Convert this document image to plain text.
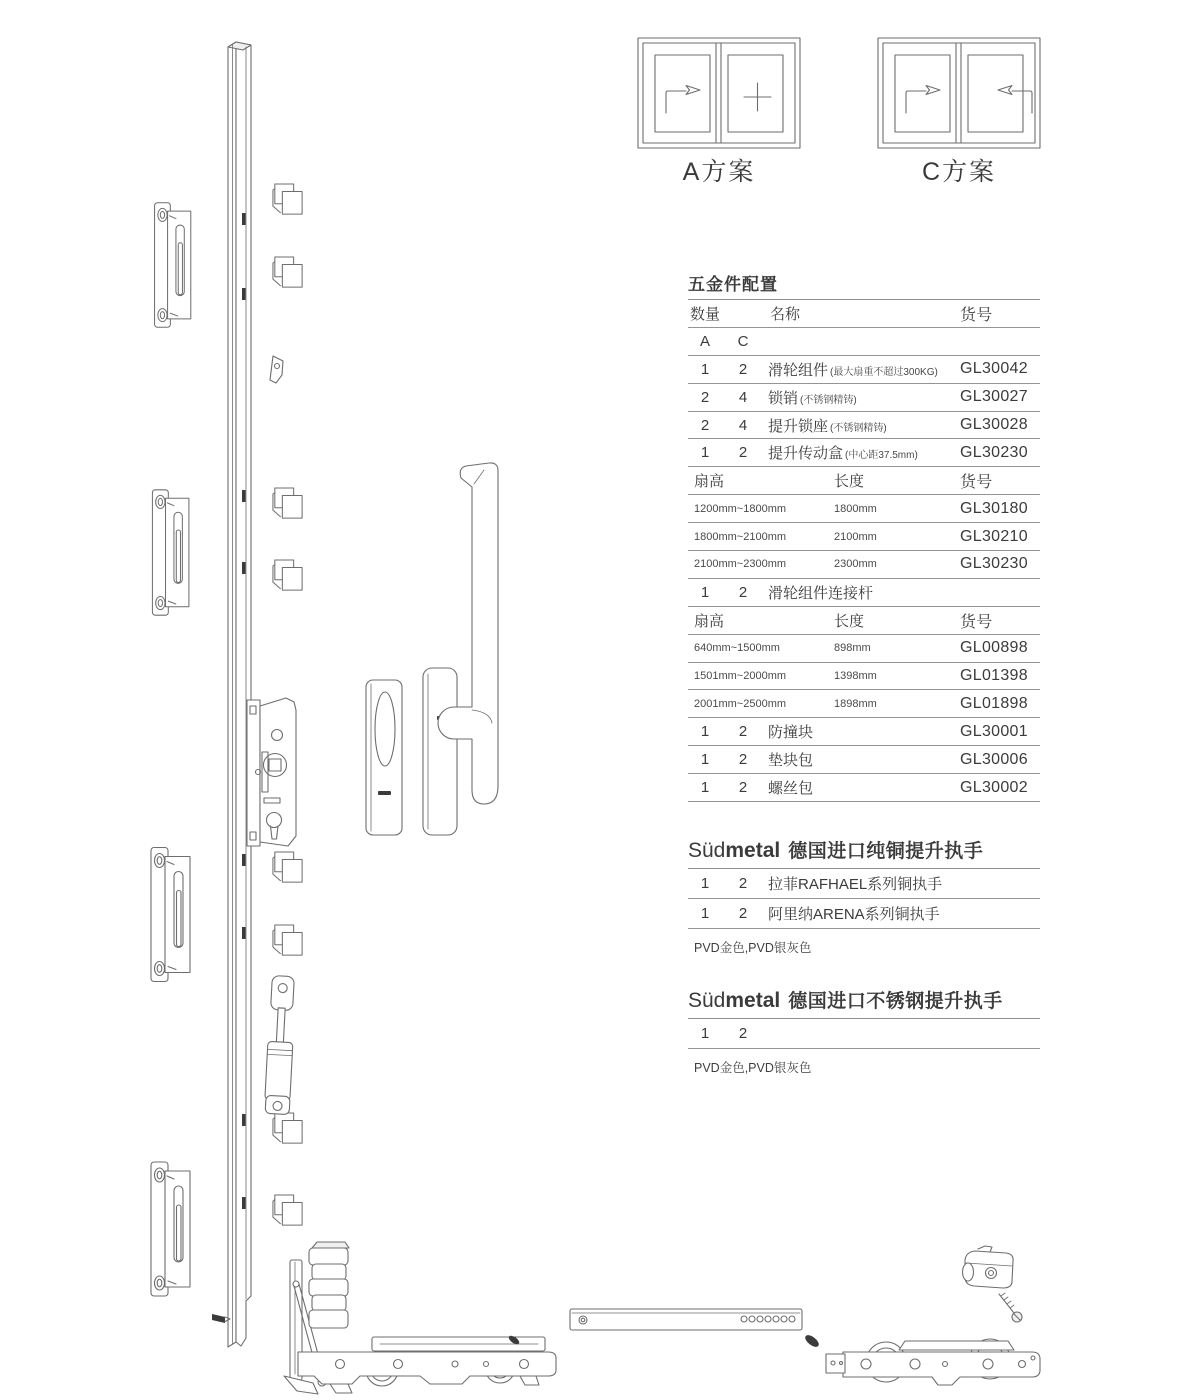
A方案	C方案
五金件配置
数量	名称	货号
A	C
1	2	滑轮组件 (最大扇重不超过300KG) GL30042
2	4	锁销 (不锈钢精铸)	GL30027
2	4	提升锁座 (不锈钢精铸)	GL30028
1	2	提升传动盒 (中心距37.5mm)	GL30230
扇高	长度	货号
1200mm~1800mm	1800mm	GL30180
1800mm~2100mm	2100mm	GL30210
2100mm~2300mm	2300mm	GL30230
1	2	滑轮组件连接杆
扇高	长度	货号
640mm~1500mm	898mm	GL00898
1501mm~2000mm	1398mm	GL01398
2001mm~2500mm	1898mm	GL01898
1	2	防撞块	GL30001
1	2	垫块包	GL30006
1	2	螺丝包	GL30002
Südmetal 德国进口纯铜提升执手
1	2	拉菲RAFHAEL系列铜执手
1	2	阿里纳ARENA系列铜执手
PVD金色,PVD银灰色
Südmetal 德国进口不锈钢提升执手
1	2
PVD金色,PVD银灰色
